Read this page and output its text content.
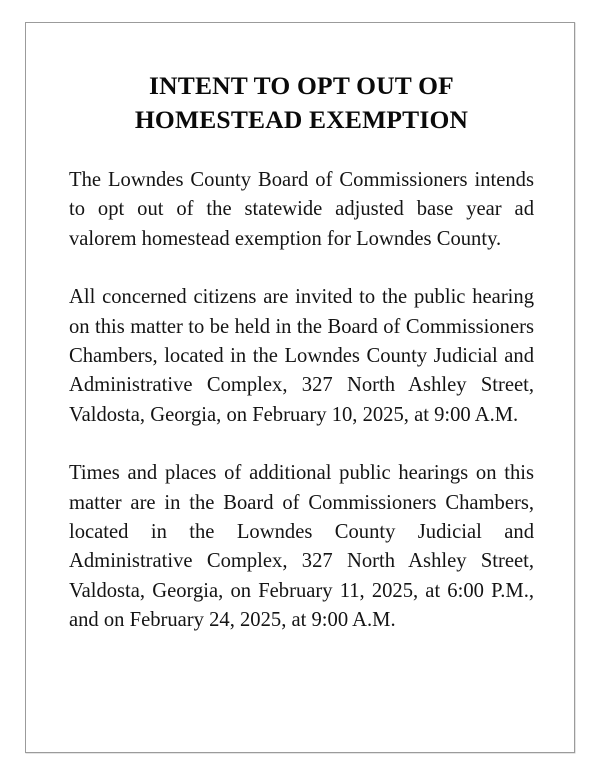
INTENT TO OPT OUT OF
HOMESTEAD EXEMPTION

The Lowndes County Board of Commissioners intends to opt out of the statewide adjusted base year ad valorem homestead exemption for Lowndes County.

All concerned citizens are invited to the public hearing on this matter to be held in the Board of Commissioners Chambers, located in the Lowndes County Judicial and Administrative Complex, 327 North Ashley Street, Valdosta, Georgia, on February 10, 2025, at 9:00 A.M.

Times and places of additional public hearings on this matter are in the Board of Commissioners Chambers, located in the Lowndes County Judicial and Administrative Complex, 327 North Ashley Street, Valdosta, Georgia, on February 11, 2025, at 6:00 P.M., and on February 24, 2025, at 9:00 A.M.
